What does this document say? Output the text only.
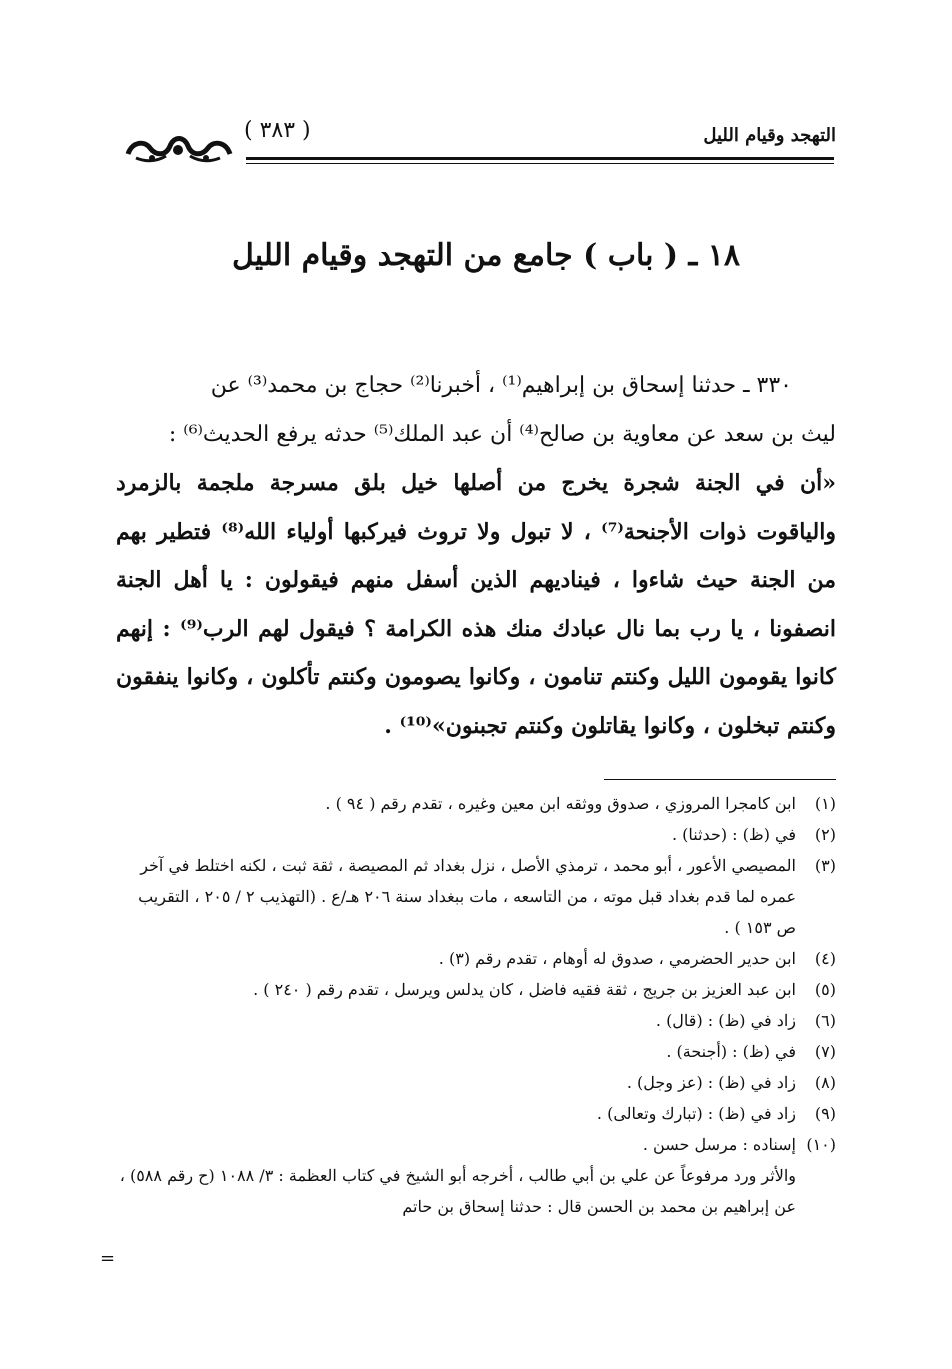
التهجد وقيام الليل
( ٣٨٣ )
١٨ ـ ( باب ) جامع من التهجد وقيام الليل
٣٣٠ ـ حدثنا إسحاق بن إبراهيم⁽¹⁾ ، أخبرنا⁽²⁾ حجاج بن محمد⁽³⁾ عن
ليث بن سعد عن معاوية بن صالح⁽⁴⁾ أن عبد الملك⁽⁵⁾ حدثه يرفع الحديث⁽⁶⁾ :
«أن في الجنة شجرة يخرج من أصلها خيل بلق مسرجة ملجمة بالزمرد والياقوت ذوات الأجنحة⁽⁷⁾ ، لا تبول ولا تروث فيركبها أولياء الله⁽⁸⁾ فتطير بهم من الجنة حيث شاءوا ، فيناديهم الذين أسفل منهم فيقولون : يا أهل الجنة انصفونا ، يا رب بما نال عبادك منك هذه الكرامة ؟ فيقول لهم الرب⁽⁹⁾ : إنهم كانوا يقومون الليل وكنتم تنامون ، وكانوا يصومون وكنتم تأكلون ، وكانوا ينفقون وكنتم تبخلون ، وكانوا يقاتلون وكنتم تجبنون»⁽¹⁰⁾ .
(١)
ابن كامجرا المروزي ، صدوق ووثقه ابن معين وغيره ، تقدم رقم ( ٩٤ ) .
(٢)
في (ظ) : (حدثنا) .
(٣)
المصيصي الأعور ، أبو محمد ، ترمذي الأصل ، نزل بغداد ثم المصيصة ، ثقة ثبت ، لكنه اختلط في آخر عمره لما قدم بغداد قبل موته ، من التاسعه ، مات ببغداد سنة ٢٠٦ هـ/ع . (التهذيب ٢ / ٢٠٥ ، التقريب ص ١٥٣ ) .
(٤)
ابن حدير الحضرمي ، صدوق له أوهام ، تقدم رقم (٣) .
(٥)
ابن عبد العزيز بن جريج ، ثقة فقيه فاضل ، كان يدلس ويرسل ، تقدم رقم ( ٢٤٠ ) .
(٦)
زاد في (ظ) : (قال) .
(٧)
في (ظ) : (أجنحة) .
(٨)
زاد في (ظ) : (عز وجل) .
(٩)
زاد في (ظ) : (تبارك وتعالى) .
(١٠)
إسناده : مرسل حسن .
والأثر ورد مرفوعاً عن علي بن أبي طالب ، أخرجه أبو الشيخ في كتاب العظمة : ٣/ ١٠٨٨ (ح رقم ٥٨٨) ، عن إبراهيم بن محمد بن الحسن قال : حدثنا إسحاق بن حاتم
=
